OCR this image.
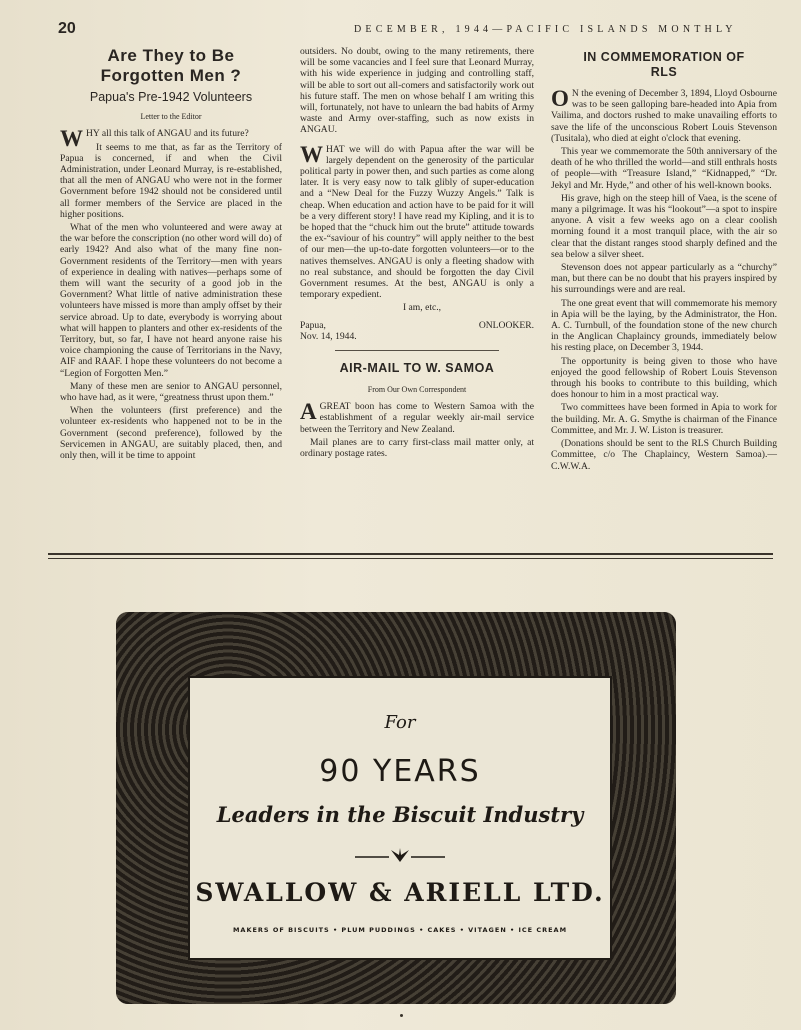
20	DECEMBER, 1944—PACIFIC ISLANDS MONTHLY
Are They to Be
Forgotten Men ?
Papua's Pre-1942 Volunteers
Letter to the Editor

WHY all this talk of ANGAU and its future?

It seems to me that, as far as the Territory of Papua is concerned, if and when the Civil Administration, under Leonard Murray, is re-established, that all the men of ANGAU who were not in the former Government before 1942 should not be considered until all former members of the Service are placed in the higher positions.

What of the men who volunteered and were away at the war before the conscription (no other word will do) of early 1942? And also what of the many fine non-Government residents of the Territory—men with years of experience in dealing with natives—perhaps some of them will want the security of a good job in the Government? What little of native administration these volunteers have missed is more than amply offset by their service abroad. Up to date, everybody is worrying about what will happen to planters and other ex-residents of the Territory, but, so far, I have not heard anyone raise his voice championing the cause of Territorians in the Navy, AIF and RAAF. I hope these volunteers do not become a “Legion of Forgotten Men.”

Many of these men are senior to ANGAU personnel, who have had, as it were, “greatness thrust upon them.”

When the volunteers (first preference) and the volunteer ex-residents who happened not to be in the Government (second preference), followed by the Servicemen in ANGAU, are suitably placed, then, and only then, will it be time to appoint

outsiders. No doubt, owing to the many retirements, there will be some vacancies and I feel sure that Leonard Murray, with his wide experience in judging and controlling staff, will be able to sort out all-comers and satisfactorily work out his future staff. The men on whose behalf I am writing this will, fortunately, not have to unlearn the bad habits of Army waste and Army over-staffing, such as now exists in ANGAU.

WHAT we will do with Papua after the war will be largely dependent on the generosity of the particular political party in power then, and such parties as come along later. It is very easy now to talk glibly of super-education and a “New Deal for the Fuzzy Wuzzy Angels.” Talk is cheap. When education and action have to be paid for it will be a very different story! I have read my Kipling, and it is to be hoped that the “chuck him out the brute” attitude towards the ex-“saviour of his country” will apply neither to the best of our men—the up-to-date forgotten volunteers—or to the natives themselves. ANGAU is only a fleeting shadow with no real substance, and should be forgotten the day Civil Government resumes. At the best, ANGAU is only a temporary expedient.

I am, etc.,

Papua,	ONLOOKER.

Nov. 14, 1944.

AIR-MAIL TO W. SAMOA
From Our Own Correspondent

AGREAT boon has come to Western Samoa with the establishment of a regular weekly air-mail service between the Territory and New Zealand.

Mail planes are to carry first-class mail matter only, at ordinary postage rates.

IN COMMEMORATION OF
RLS

O N the evening of December 3, 1894, Lloyd Osbourne was to be seen galloping bare-headed into Apia from Vailima, and doctors rushed to make unavailing efforts to save the life of the unconscious Robert Louis Stevenson (Tusitala), who died at eight o'clock that evening.

This year we commemorate the 50th anniversary of the death of he who thrilled the world—and still enthrals hosts of people—with “Treasure Island,” “Kidnapped,” “Dr. Jekyl and Mr. Hyde,” and other of his well-known books.

His grave, high on the steep hill of Vaea, is the scene of many a pilgrimage. It was his “lookout”—a spot to inspire anyone. A visit a few weeks ago on a clear coolish morning found it a most tranquil place, with the air so clear that the distant ranges stood sharply defined and the sea below a silver sheet.

Stevenson does not appear particularly as a “churchy” man, but there can be no doubt that his prayers inspired by his surroundings were and are real.

The one great event that will commemorate his memory in Apia will be the laying, by the Administrator, the Hon. A. C. Turnbull, of the foundation stone of the new church in the Anglican Chaplaincy grounds, immediately below his resting place, on December 3, 1944.

The opportunity is being given to those who have enjoyed the good fellowship of Robert Louis Stevenson through his books to contribute to this building, which does honour to him in a most practical way.

Two committees have been formed in Apia to work for the building. Mr. A. G. Smythe is chairman of the Finance Committee, and Mr. J. W. Liston is treasurer.

(Donations should be sent to the RLS Church Building Committee, c/o The Chaplaincy, Western Samoa).—C.W.W.A.

For
90 YEARS
Leaders in the Biscuit Industry
SWALLOW & ARIELL LTD.
MAKERS OF BISCUITS • PLUM PUDDINGS • CAKES • VITAGEN • ICE CREAM
